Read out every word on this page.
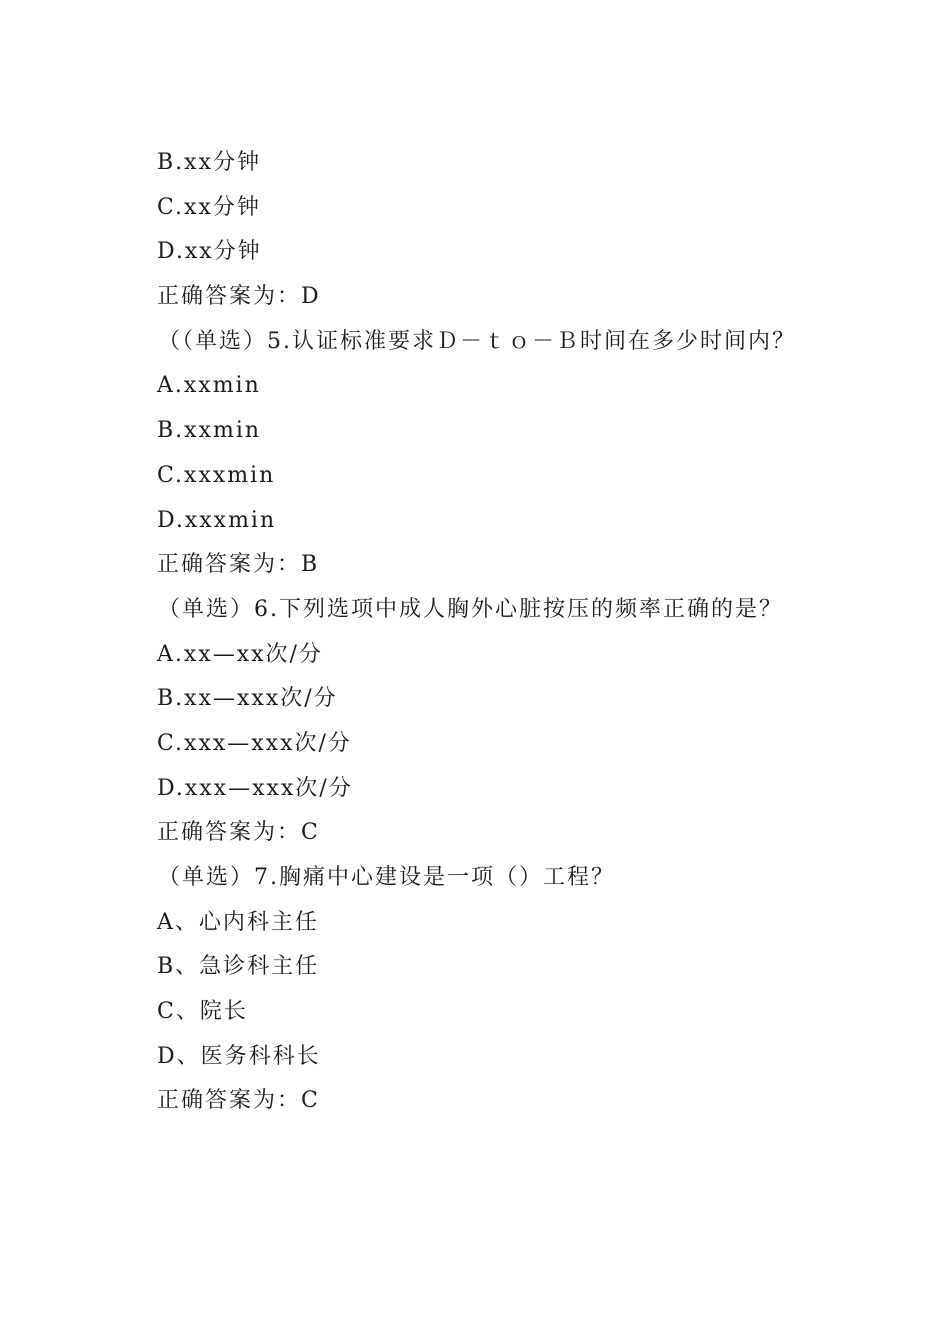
B.xx分钟
C.xx分钟
D.xx分钟
正确答案为：D
（（单选）5.认证标准要求Ｄ－ｔｏ－Ｂ时间在多少时间内？
A.xxmin
B.xxmin
C.xxxmin
D.xxxmin
正确答案为：B
（单选）6.下列选项中成人胸外心脏按压的频率正确的是？
A.xx—xx次/分
B.xx—xxx次/分
C.xxx—xxx次/分
D.xxx—xxx次/分
正确答案为：C
（单选）7.胸痛中心建设是一项（）工程？
A、心内科主任
B、急诊科主任
C、院长
D、医务科科长
正确答案为：C
